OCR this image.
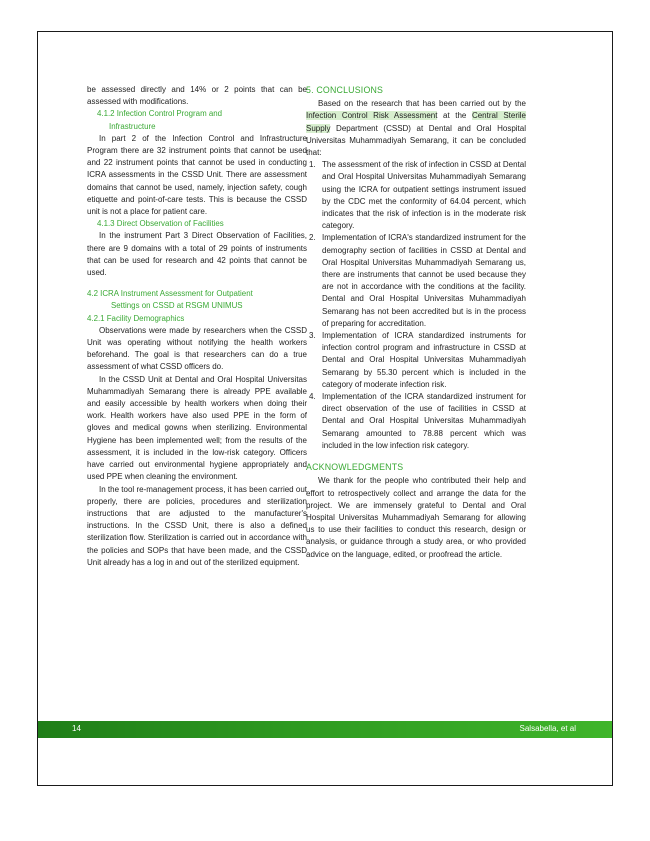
be assessed directly and 14% or 2 points that can be assessed with modifications.

4.1.2 Infection Control Program and
Infrastructure

In part 2 of the Infection Control and Infrastructure Program there are 32 instrument points that cannot be used and 22 instrument points that cannot be used in conducting ICRA assessments in the CSSD Unit. There are assessment domains that cannot be used, namely, injection safety, cough etiquette and point-of-care tests. This is because the CSSD unit is not a place for patient care.

4.1.3 Direct Observation of Facilities

In the instrument Part 3 Direct Observation of Facilities, there are 9 domains with a total of 29 points of instruments that can be used for research and 42 points that cannot be used.

4.2 ICRA Instrument Assessment for Outpatient
Settings on CSSD at RSGM UNIMUS
4.2.1 Facility Demographics

Observations were made by researchers when the CSSD Unit was operating without notifying the health workers beforehand. The goal is that researchers can do a true assessment of what CSSD officers do.

In the CSSD Unit at Dental and Oral Hospital Universitas Muhammadiyah Semarang there is already PPE available and easily accessible by health workers when doing their work. Health workers have also used PPE in the form of gloves and medical gowns when sterilizing. Environmental Hygiene has been implemented well; from the results of the assessment, it is included in the low-risk category. Officers have carried out environmental hygiene appropriately and used PPE when cleaning the environment.

In the tool re-management process, it has been carried out properly, there are policies, procedures and sterilization instructions that are adjusted to the manufacturer's instructions. In the CSSD Unit, there is also a defined sterilization flow. Sterilization is carried out in accordance with the policies and SOPs that have been made, and the CSSD Unit already has a log in and out of the sterilized equipment.

5. CONCLUSIONS

Based on the research that has been carried out by the Infection Control Risk Assessment at the Central Sterile Supply Department (CSSD) at Dental and Oral Hospital Universitas Muhammadiyah Semarang, it can be concluded that:

1. The assessment of the risk of infection in CSSD at Dental and Oral Hospital Universitas Muhammadiyah Semarang using the ICRA for outpatient settings instrument issued by the CDC met the conformity of 64.04 percent, which indicates that the risk of infection is in the moderate risk category.
2. Implementation of ICRA's standardized instrument for the demography section of facilities in CSSD at Dental and Oral Hospital Universitas Muhammadiyah Semarang us, there are instruments that cannot be used because they are not in accordance with the conditions at the facility. Dental and Oral Hospital Universitas Muhammadiyah Semarang has not been accredited but is in the process of preparing for accreditation.
3. Implementation of ICRA standardized instruments for infection control program and infrastructure in CSSD at Dental and Oral Hospital Universitas Muhammadiyah Semarang by 55.30 percent which is included in the category of moderate infection risk.
4. Implementation of the ICRA standardized instrument for direct observation of the use of facilities in CSSD at Dental and Oral Hospital Universitas Muhammadiyah Semarang amounted to 78.88 percent which was included in the low infection risk category.
ACKNOWLEDGMENTS

We thank for the people who contributed their help and effort to retrospectively collect and arrange the data for the project. We are immensely grateful to Dental and Oral Hospital Universitas Muhammadiyah Semarang for allowing us to use their facilities to conduct this research, design or analysis, or guidance through a study area, or who provided advice on the language, edited, or proofread the article.

14	Salsabella, et al
